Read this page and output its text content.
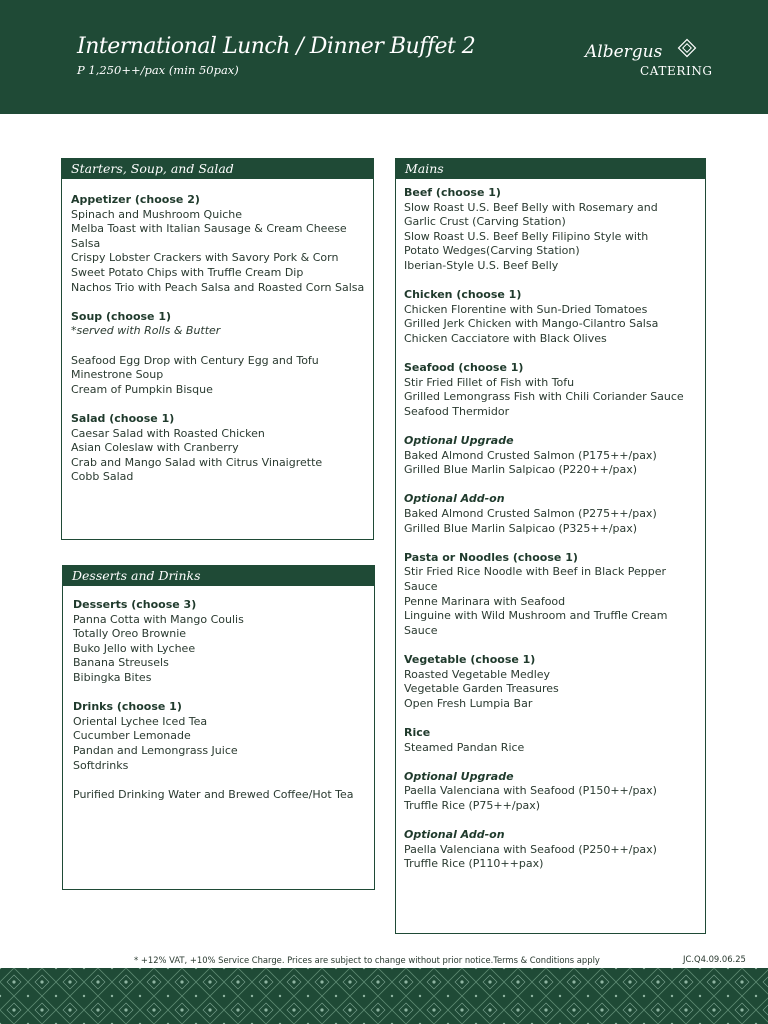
International Lunch / Dinner Buffet 2
P 1,250++/pax (min 50pax)
Albergus
CATERING
Starters, Soup, and Salad
Appetizer (choose 2)
Spinach and Mushroom Quiche
Melba Toast with Italian Sausage & Cream Cheese
Salsa
Crispy Lobster Crackers with Savory Pork & Corn
Sweet Potato Chips with Truffle Cream Dip
Nachos Trio with Peach Salsa and Roasted Corn Salsa
Soup (choose 1)
*served with Rolls & Butter
Seafood Egg Drop with Century Egg and Tofu
Minestrone Soup
Cream of Pumpkin Bisque
Salad (choose 1)
Caesar Salad with Roasted Chicken
Asian Coleslaw with Cranberry
Crab and Mango Salad with Citrus Vinaigrette
Cobb Salad
Desserts and Drinks
Desserts (choose 3)
Panna Cotta with Mango Coulis
Totally Oreo Brownie
Buko Jello with Lychee
Banana Streusels
Bibingka Bites
Drinks (choose 1)
Oriental Lychee Iced Tea
Cucumber Lemonade
Pandan and Lemongrass Juice
Softdrinks
Purified Drinking Water and Brewed Coffee/Hot Tea
Mains
Beef (choose 1)
Slow Roast U.S. Beef Belly with Rosemary and
Garlic Crust (Carving Station)
Slow Roast U.S. Beef Belly Filipino Style with
Potato Wedges(Carving Station)
Iberian-Style U.S. Beef Belly
Chicken (choose 1)
Chicken Florentine with Sun-Dried Tomatoes
Grilled Jerk Chicken with Mango-Cilantro Salsa
Chicken Cacciatore with Black Olives
Seafood (choose 1)
Stir Fried Fillet of Fish with Tofu
Grilled Lemongrass Fish with Chili Coriander Sauce
Seafood Thermidor
Optional Upgrade
Baked Almond Crusted Salmon (P175++/pax)
Grilled Blue Marlin Salpicao (P220++/pax)
Optional Add-on
Baked Almond Crusted Salmon (P275++/pax)
Grilled Blue Marlin Salpicao (P325++/pax)
Pasta or Noodles (choose 1)
Stir Fried Rice Noodle with Beef in Black Pepper
Sauce
Penne Marinara with Seafood
Linguine with Wild Mushroom and Truffle Cream
Sauce
Vegetable (choose 1)
Roasted Vegetable Medley
Vegetable Garden Treasures
Open Fresh Lumpia Bar
Rice
Steamed Pandan Rice
Optional Upgrade
Paella Valenciana with Seafood (P150++/pax)
Truffle Rice (P75++/pax)
Optional Add-on
Paella Valenciana with Seafood (P250++/pax)
Truffle Rice (P110++pax)
* +12% VAT, +10% Service Charge. Prices are subject to change without prior notice.Terms & Conditions apply	JC.Q4.09.06.25
